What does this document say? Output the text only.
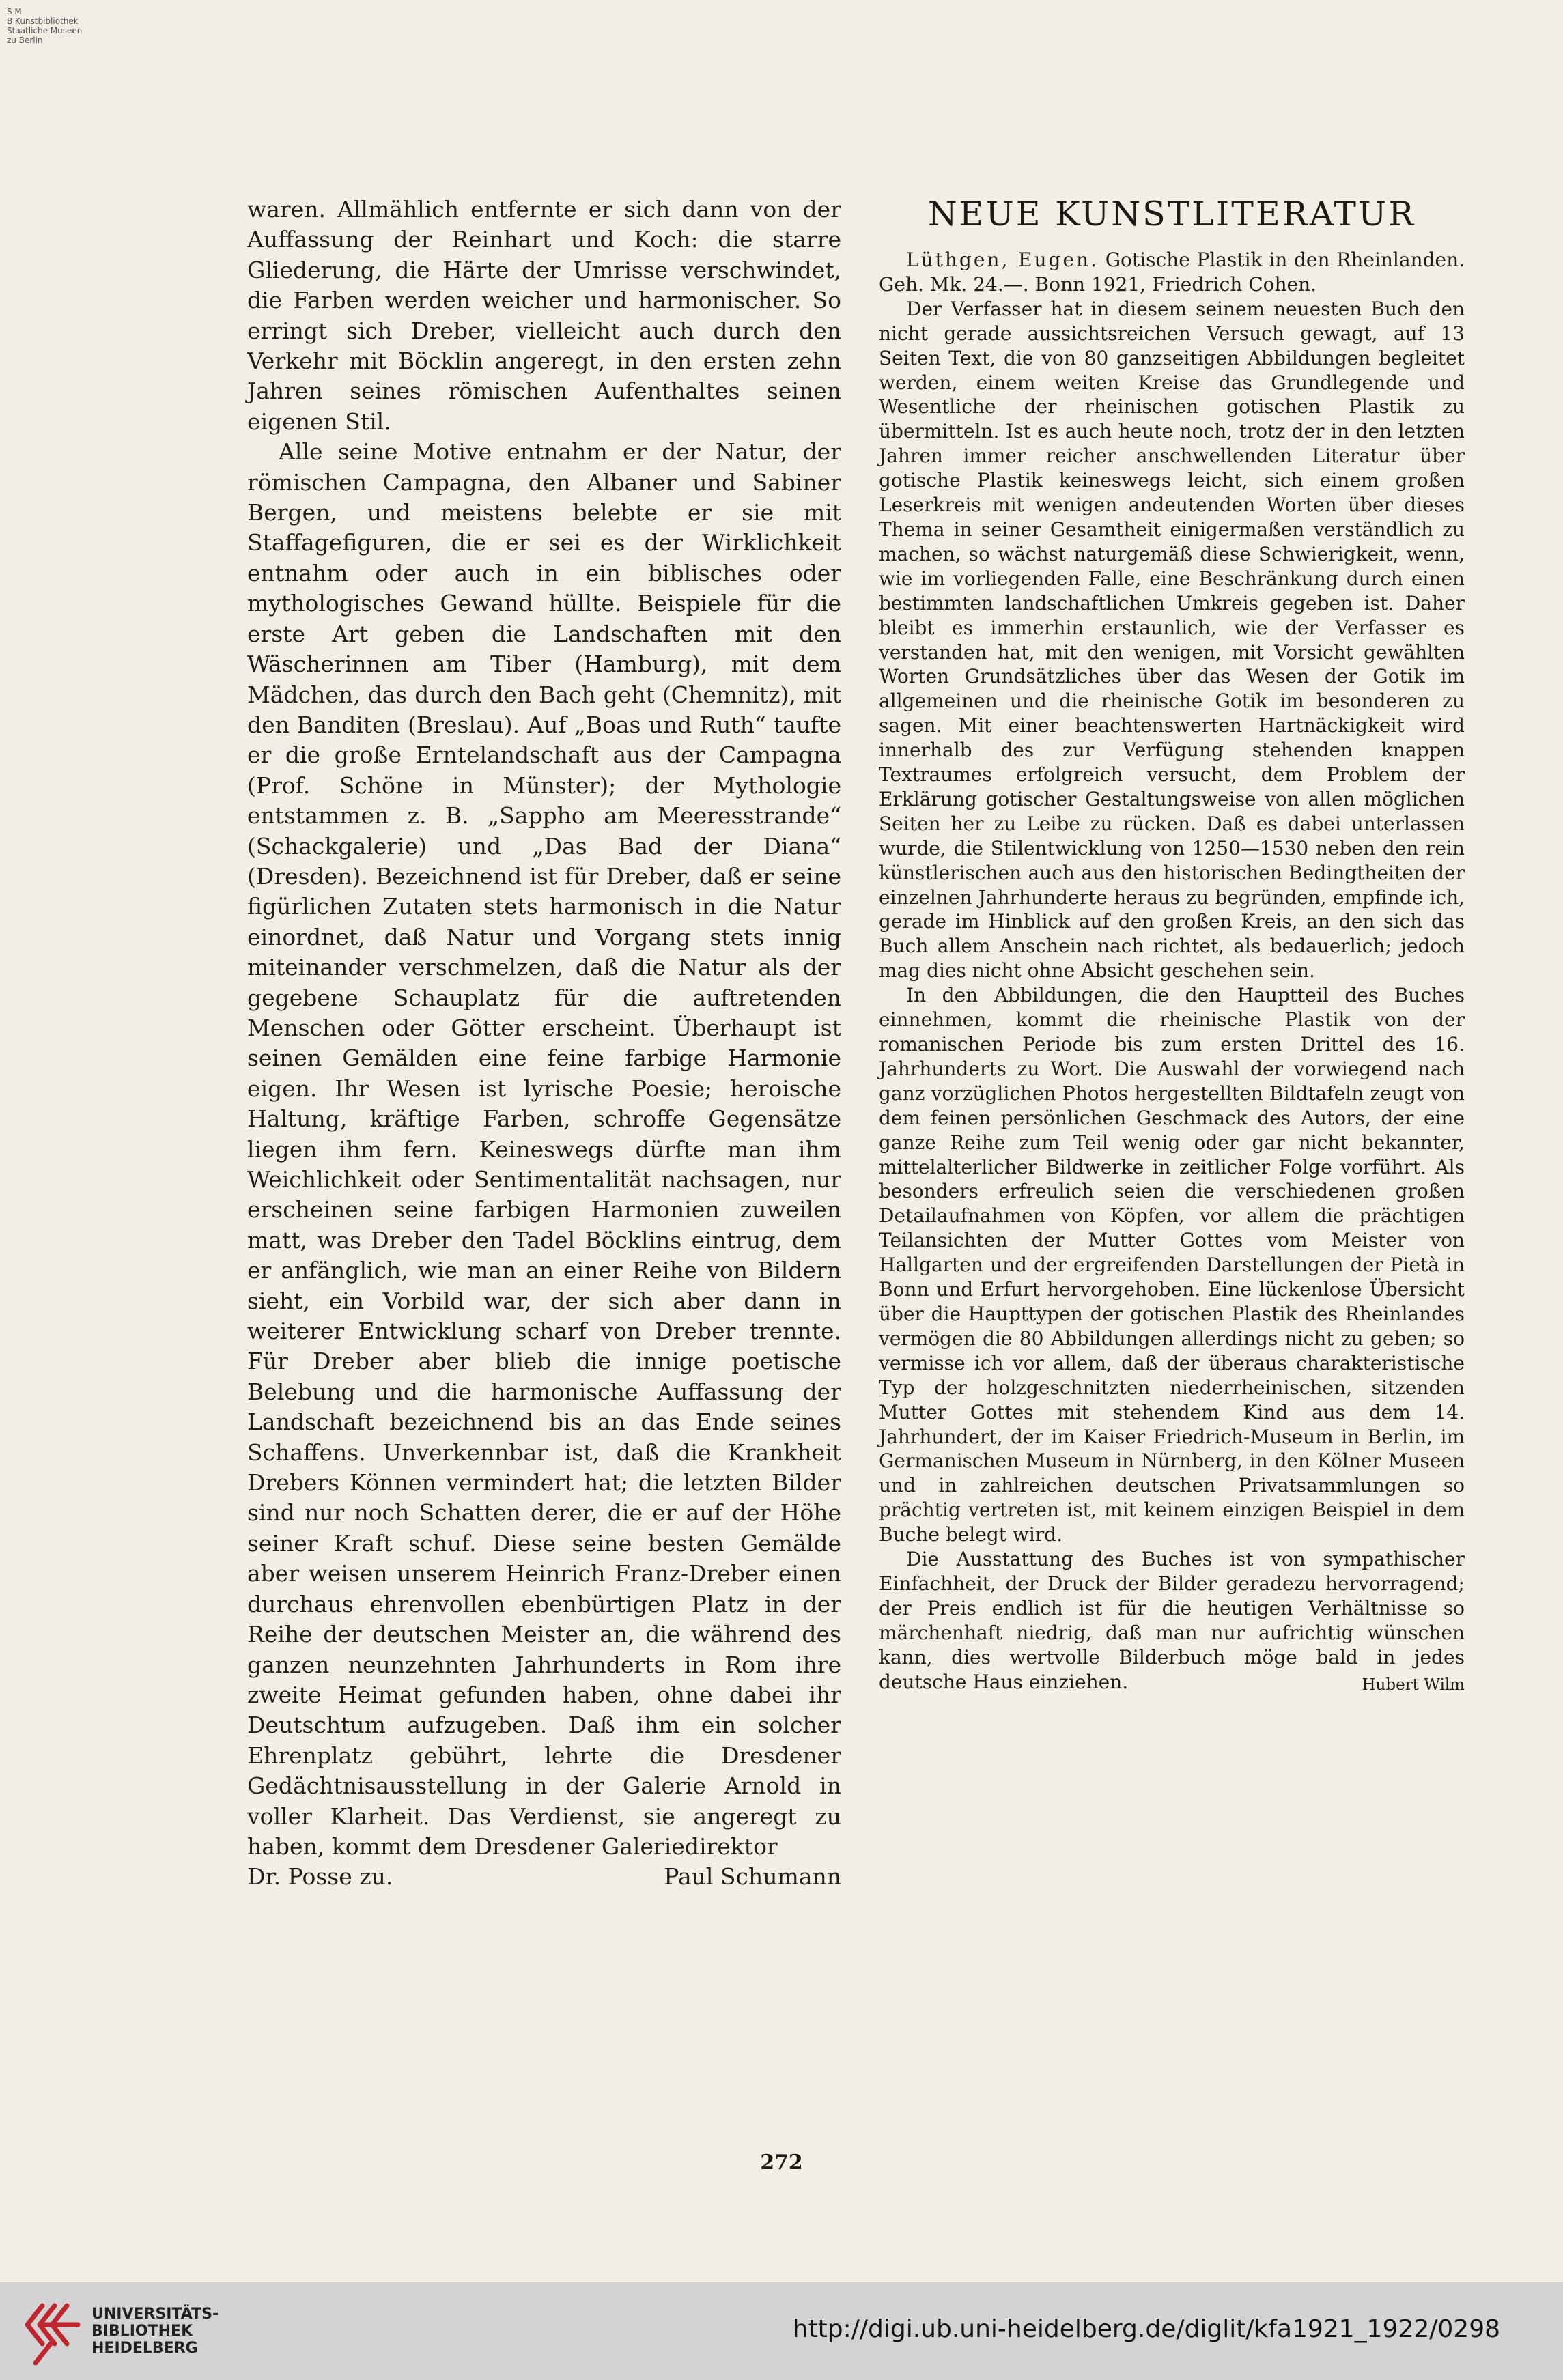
S M
B Kunstbibliothek
Staatliche Museen
zu Berlin

waren. Allmählich entfernte er sich dann von der Auffassung der Reinhart und Koch: die starre Gliederung, die Härte der Umrisse verschwindet, die Farben werden weicher und harmonischer. So erringt sich Dreber, vielleicht auch durch den Verkehr mit Böcklin angeregt, in den ersten zehn Jahren seines römischen Aufenthaltes seinen eigenen Stil.

Alle seine Motive entnahm er der Natur, der römischen Campagna, den Albaner und Sabiner Bergen, und meistens belebte er sie mit Staffagefiguren, die er sei es der Wirklichkeit entnahm oder auch in ein biblisches oder mythologisches Gewand hüllte. Beispiele für die erste Art geben die Landschaften mit den Wäscherinnen am Tiber (Hamburg), mit dem Mädchen, das durch den Bach geht (Chemnitz), mit den Banditen (Breslau). Auf „Boas und Ruth“ taufte er die große Erntelandschaft aus der Campagna (Prof. Schöne in Münster); der Mythologie entstammen z. B. „Sappho am Meeresstrande“ (Schackgalerie) und „Das Bad der Diana“ (Dresden). Bezeichnend ist für Dreber, daß er seine figürlichen Zutaten stets harmonisch in die Natur einordnet, daß Natur und Vorgang stets innig miteinander verschmelzen, daß die Natur als der gegebene Schauplatz für die auftretenden Menschen oder Götter erscheint. Überhaupt ist seinen Gemälden eine feine farbige Harmonie eigen. Ihr Wesen ist lyrische Poesie; heroische Haltung, kräftige Farben, schroffe Gegensätze liegen ihm fern. Keineswegs dürfte man ihm Weichlichkeit oder Sentimentalität nachsagen, nur erscheinen seine farbigen Harmonien zuweilen matt, was Dreber den Tadel Böcklins eintrug, dem er anfänglich, wie man an einer Reihe von Bildern sieht, ein Vorbild war, der sich aber dann in weiterer Entwicklung scharf von Dreber trennte. Für Dreber aber blieb die innige poetische Belebung und die harmonische Auffassung der Landschaft bezeichnend bis an das Ende seines Schaffens. Unverkennbar ist, daß die Krankheit Drebers Können vermindert hat; die letzten Bilder sind nur noch Schatten derer, die er auf der Höhe seiner Kraft schuf. Diese seine besten Gemälde aber weisen unserem Heinrich Franz-Dreber einen durchaus ehrenvollen ebenbürtigen Platz in der Reihe der deutschen Meister an, die während des ganzen neunzehnten Jahrhunderts in Rom ihre zweite Heimat gefunden haben, ohne dabei ihr Deutschtum aufzugeben. Daß ihm ein solcher Ehrenplatz gebührt, lehrte die Dresdener Gedächtnisausstellung in der Galerie Arnold in voller Klarheit. Das Verdienst, sie angeregt zu haben, kommt dem Dresdener Galeriedirektor

Dr. Posse zu.	Paul Schumann
NEUE KUNSTLITERATUR

Lüthgen, Eugen. Gotische Plastik in den Rheinlanden. Geh. Mk. 24.—. Bonn 1921, Friedrich Cohen.

Der Verfasser hat in diesem seinem neuesten Buch den nicht gerade aussichtsreichen Versuch gewagt, auf 13 Seiten Text, die von 80 ganzseitigen Abbildungen begleitet werden, einem weiten Kreise das Grundlegende und Wesentliche der rheinischen gotischen Plastik zu übermitteln. Ist es auch heute noch, trotz der in den letzten Jahren immer reicher anschwellenden Literatur über gotische Plastik keineswegs leicht, sich einem großen Leserkreis mit wenigen andeutenden Worten über dieses Thema in seiner Gesamtheit einigermaßen verständlich zu machen, so wächst naturgemäß diese Schwierigkeit, wenn, wie im vorliegenden Falle, eine Beschränkung durch einen bestimmten landschaftlichen Umkreis gegeben ist. Daher bleibt es immerhin erstaunlich, wie der Verfasser es verstanden hat, mit den wenigen, mit Vorsicht gewählten Worten Grundsätzliches über das Wesen der Gotik im allgemeinen und die rheinische Gotik im besonderen zu sagen. Mit einer beachtenswerten Hartnäckigkeit wird innerhalb des zur Verfügung stehenden knappen Textraumes erfolgreich versucht, dem Problem der Erklärung gotischer Gestaltungsweise von allen möglichen Seiten her zu Leibe zu rücken. Daß es dabei unterlassen wurde, die Stilentwicklung von 1250—1530 neben den rein künstlerischen auch aus den historischen Bedingtheiten der einzelnen Jahrhunderte heraus zu begründen, empfinde ich, gerade im Hinblick auf den großen Kreis, an den sich das Buch allem Anschein nach richtet, als bedauerlich; jedoch mag dies nicht ohne Absicht geschehen sein.

In den Abbildungen, die den Hauptteil des Buches einnehmen, kommt die rheinische Plastik von der romanischen Periode bis zum ersten Drittel des 16. Jahrhunderts zu Wort. Die Auswahl der vorwiegend nach ganz vorzüglichen Photos hergestellten Bildtafeln zeugt von dem feinen persönlichen Geschmack des Autors, der eine ganze Reihe zum Teil wenig oder gar nicht bekannter, mittelalterlicher Bildwerke in zeitlicher Folge vorführt. Als besonders erfreulich seien die verschiedenen großen Detailaufnahmen von Köpfen, vor allem die prächtigen Teilansichten der Mutter Gottes vom Meister von Hallgarten und der ergreifenden Darstellungen der Pietà in Bonn und Erfurt hervorgehoben. Eine lückenlose Übersicht über die Haupttypen der gotischen Plastik des Rheinlandes vermögen die 80 Abbildungen allerdings nicht zu geben; so vermisse ich vor allem, daß der überaus charakteristische Typ der holzgeschnitzten niederrheinischen, sitzenden Mutter Gottes mit stehendem Kind aus dem 14. Jahrhundert, der im Kaiser Friedrich-Museum in Berlin, im Germanischen Museum in Nürnberg, in den Kölner Museen und in zahlreichen deutschen Privatsammlungen so prächtig vertreten ist, mit keinem einzigen Beispiel in dem Buche belegt wird.

Die Ausstattung des Buches ist von sympathischer Einfachheit, der Druck der Bilder geradezu hervorragend; der Preis endlich ist für die heutigen Verhältnisse so märchenhaft niedrig, daß man nur aufrichtig wünschen kann, dies wertvolle Bilderbuch möge bald in jedes deutsche Haus einziehen.	Hubert Wilm
272
UNIVERSITÄTS-
BIBLIOTHEK
HEIDELBERG
http://digi.ub.uni-heidelberg.de/diglit/kfa1921_1922/0298
